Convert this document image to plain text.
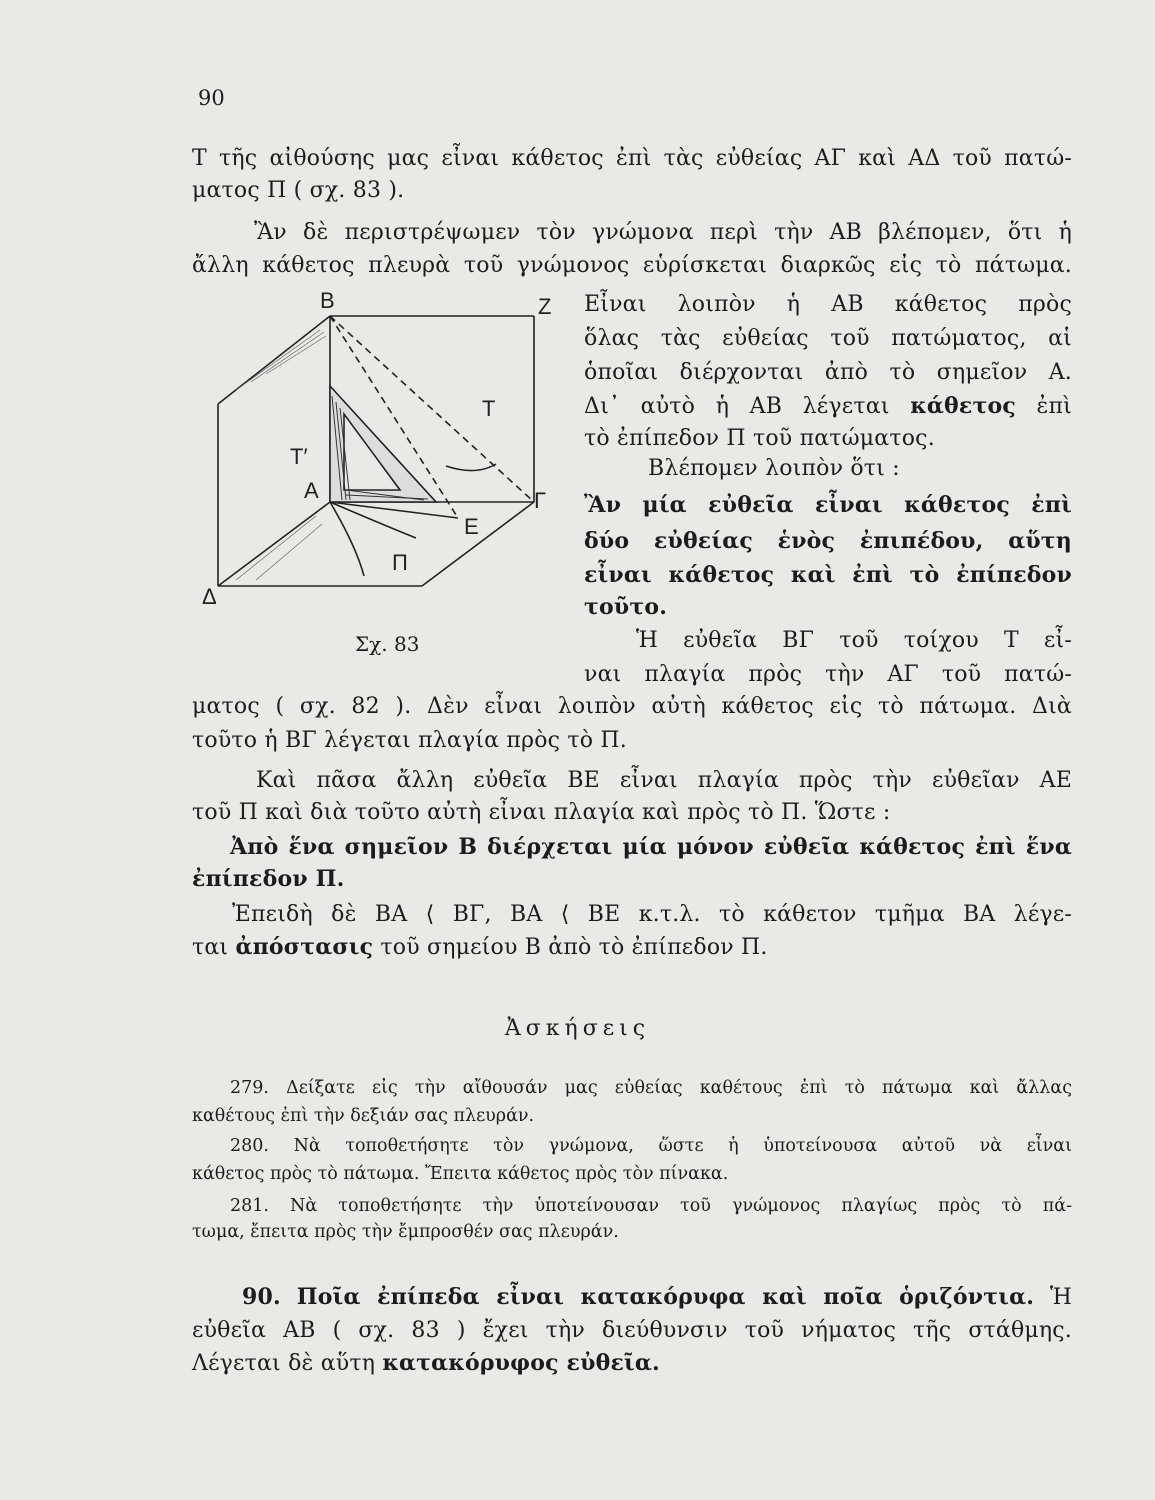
90
Τ τῆς αἰθούσης μας εἶναι κάθετος ἐπὶ τὰς εὐθείας ΑΓ καὶ ΑΔ τοῦ πατώ-
ματος Π ( σχ. 83 ).
Ἂν δὲ περιστρέψωμεν τὸν γνώμονα περὶ τὴν ΑΒ βλέπομεν, ὅτι ἡ
ἄλλη κάθετος πλευρὰ τοῦ γνώμονος εὑρίσκεται διαρκῶς εἰς τὸ πάτωμα.
B	Z
T
T′
A	Γ
E
Π
Δ
Σχ. 83
Εἶναι λοιπὸν ἡ ΑΒ κάθετος πρὸς
ὅλας τὰς εὐθείας τοῦ πατώματος, αἱ
ὁποῖαι διέρχονται ἀπὸ τὸ σημεῖον Α.
Δι᾽ αὐτὸ ἡ ΑΒ λέγεται κάθετος ἐπὶ
τὸ ἐπίπεδον Π τοῦ πατώματος.
Βλέπομεν λοιπὸν ὅτι :
Ἂν μία εὐθεῖα εἶναι κάθετος ἐπὶ
δύο εὐθείας ἑνὸς ἐπιπέδου, αὕτη
εἶναι κάθετος καὶ ἐπὶ τὸ ἐπίπεδον
τοῦτο.
Ἡ εὐθεῖα ΒΓ τοῦ τοίχου Τ εἶ-
ναι πλαγία πρὸς τὴν ΑΓ τοῦ πατώ-
ματος ( σχ. 82 ). Δὲν εἶναι λοιπὸν αὐτὴ κάθετος εἰς τὸ πάτωμα. Διὰ
τοῦτο ἡ ΒΓ λέγεται πλαγία πρὸς τὸ Π.
Καὶ πᾶσα ἄλλη εὐθεῖα ΒΕ εἶναι πλαγία πρὸς τὴν εὐθεῖαν ΑΕ
τοῦ Π καὶ διὰ τοῦτο αὐτὴ εἶναι πλαγία καὶ πρὸς τὸ Π. Ὥστε :
Ἀπὸ ἕνα σημεῖον Β διέρχεται μία μόνον εὐθεῖα κάθετος ἐπὶ ἕνα
ἐπίπεδον Π.
Ἐπειδὴ δὲ ΒΑ ⟨ ΒΓ, ΒΑ ⟨ ΒΕ κ.τ.λ. τὸ κάθετον τμῆμα ΒΑ λέγε-
ται ἀπόστασις τοῦ σημείου Β ἀπὸ τὸ ἐπίπεδον Π.
Ἀσκήσεις
279. Δείξατε εἰς τὴν αἴθουσάν μας εὐθείας καθέτους ἐπὶ τὸ πάτωμα καὶ ἄλλας
καθέτους ἐπὶ τὴν δεξιάν σας πλευράν.
280. Νὰ τοποθετήσητε τὸν γνώμονα, ὥστε ἡ ὑποτείνουσα αὐτοῦ νὰ εἶναι
κάθετος πρὸς τὸ πάτωμα. Ἔπειτα κάθετος πρὸς τὸν πίνακα.
281. Νὰ τοποθετήσητε τὴν ὑποτείνουσαν τοῦ γνώμονος πλαγίως πρὸς τὸ πά-
τωμα, ἔπειτα πρὸς τὴν ἔμπροσθέν σας πλευράν.
90. Ποῖα ἐπίπεδα εἶναι κατακόρυφα καὶ ποῖα ὁριζόντια. Ἡ
εὐθεῖα ΑΒ ( σχ. 83 ) ἔχει τὴν διεύθυνσιν τοῦ νήματος τῆς στάθμης.
Λέγεται δὲ αὕτη κατακόρυφος εὐθεῖα.
